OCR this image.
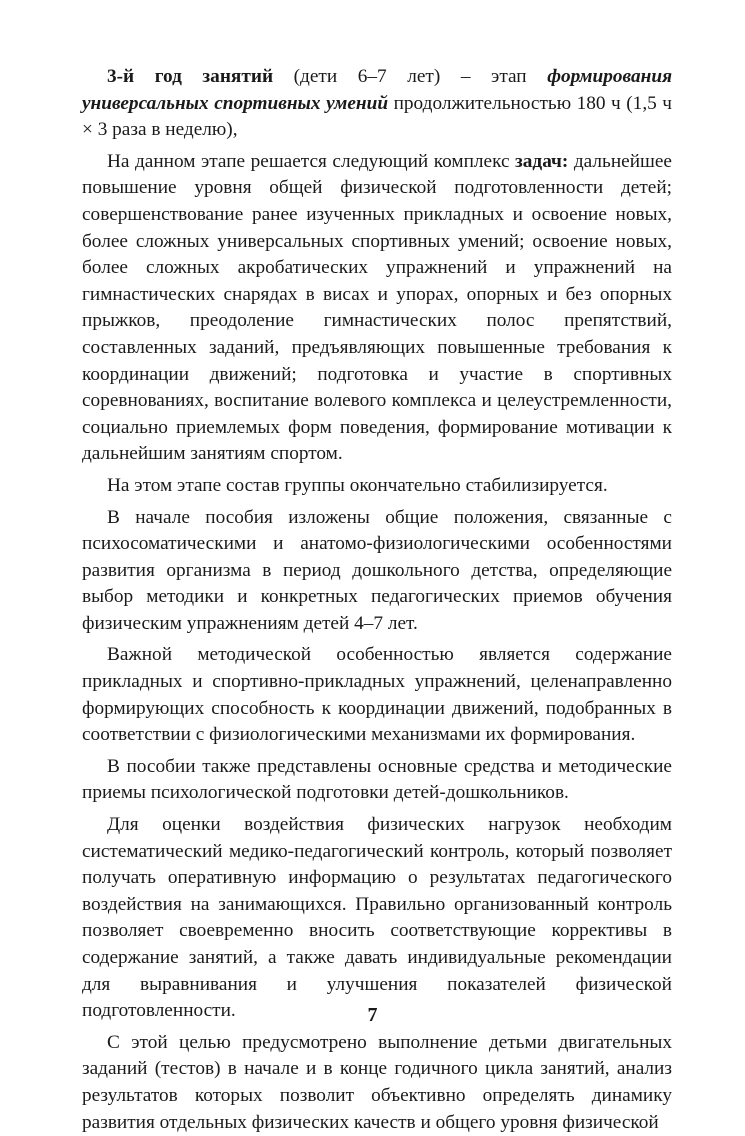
3-й год занятий (дети 6–7 лет) – этап формирования универсальных спортивных умений продолжительностью 180 ч (1,5 ч × 3 раза в неделю),

На данном этапе решается следующий комплекс задач: дальнейшее повышение уровня общей физической подготовленности детей; совершенствование ранее изученных прикладных и освоение новых, более сложных универсальных спортивных умений; освоение новых, более сложных акробатических упражнений и упражнений на гимнастических снарядах в висах и упорах, опорных и без опорных прыжков, преодоление гимнастических полос препятствий, составленных заданий, предъявляющих повышенные требования к координации движений; подготовка и участие в спортивных соревнованиях, воспитание волевого комплекса и целеустремленности, социально приемлемых форм поведения, формирование мотивации к дальнейшим занятиям спортом.

На этом этапе состав группы окончательно стабилизируется.

В начале пособия изложены общие положения, связанные с психосоматическими и анатомо-физиологическими особенностями развития организма в период дошкольного детства, определяющие выбор методики и конкретных педагогических приемов обучения физическим упражнениям детей 4–7 лет.

Важной методической особенностью является содержание прикладных и спортивно-прикладных упражнений, целенаправленно формирующих способность к координации движений, подобранных в соответствии с физиологическими механизмами их формирования.

В пособии также представлены основные средства и методические приемы психологической подготовки детей-дошкольников.

Для оценки воздействия физических нагрузок необходим систематический медико-педагогический контроль, который позволяет получать оперативную информацию о результатах педагогического воздействия на занимающихся. Правильно организованный контроль позволяет своевременно вносить соответствующие коррективы в содержание занятий, а также давать индивидуальные рекомендации для выравнивания и улучшения показателей физической подготовленности.

С этой целью предусмотрено выполнение детьми двигательных заданий (тестов) в начале и в конце годичного цикла занятий, анализ результатов которых позволит объективно определять динамику развития отдельных физических качеств и общего уровня физической

7
